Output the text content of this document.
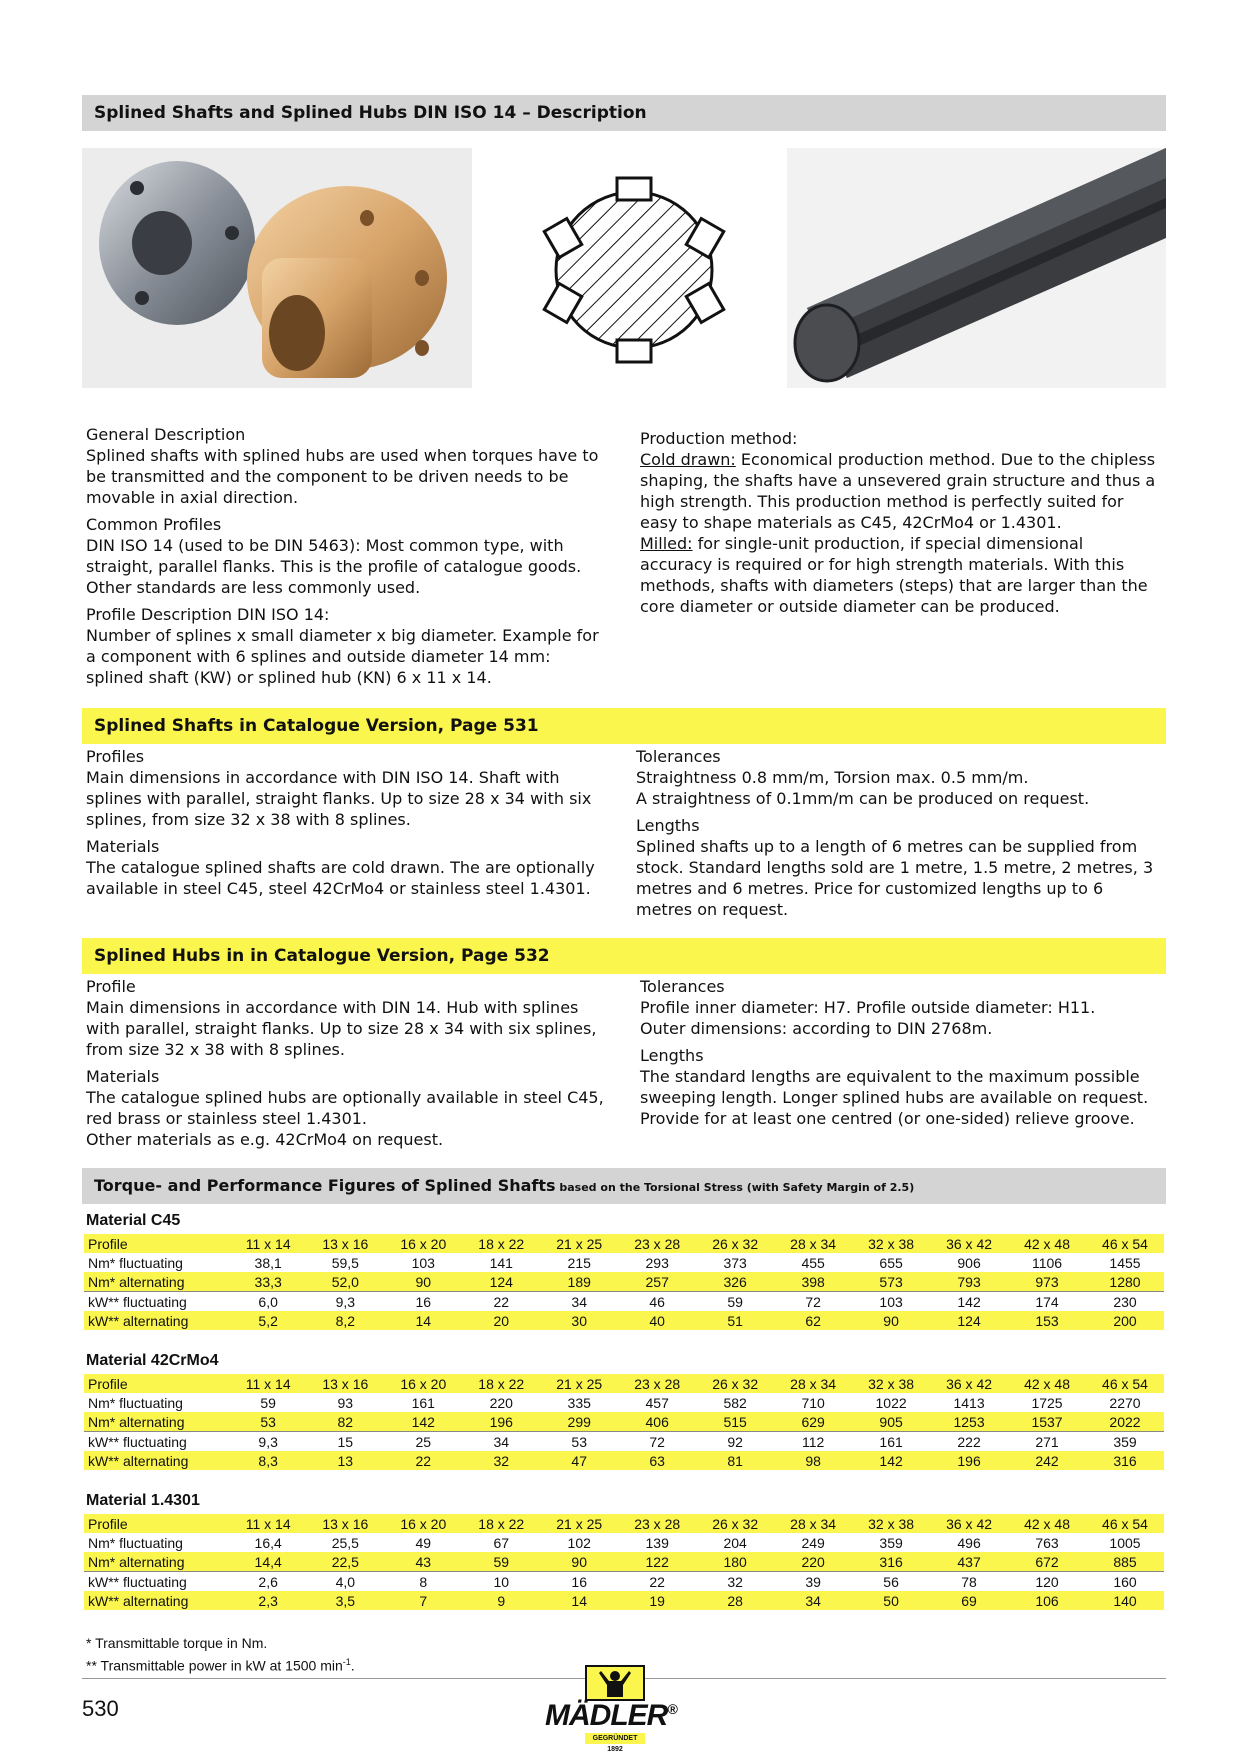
Splined Shafts and Splined Hubs DIN ISO 14 – Description
General Description

Splined shafts with splined hubs are used when torques have to be transmitted and the component to be driven needs to be movable in axial direction.

Common Profiles

DIN ISO 14 (used to be DIN 5463): Most common type, with straight, parallel flanks. This is the profile of catalogue goods. Other standards are less commonly used.

Profile Description DIN ISO 14:

Number of splines x small diameter x big diameter. Example for a component with 6 splines and outside diameter 14 mm: splined shaft (KW) or splined hub (KN) 6 x 11 x 14.

Production method:

Cold drawn: Economical production method. Due to the chipless shaping, the shafts have a unsevered grain structure and thus a high strength. This production method is perfectly suited for easy to shape materials as C45, 42CrMo4 or 1.4301.

Milled: for single-unit production, if special dimensional accuracy is required or for high strength materials. With this methods, shafts with diameters (steps) that are larger than the core diameter or outside diameter can be produced.

Splined Shafts in Catalogue Version, Page 531
Profiles

Main dimensions in accordance with DIN ISO 14. Shaft with splines with parallel, straight flanks. Up to size 28 x 34 with six splines, from size 32 x 38 with 8 splines.

Materials

The catalogue splined shafts are cold drawn. The are optionally available in steel C45, steel 42CrMo4 or stainless steel 1.4301.

Tolerances

Straightness 0.8 mm/m, Torsion max. 0.5 mm/m.

A straightness of 0.1mm/m can be produced on request.

Lengths

Splined shafts up to a length of 6 metres can be supplied from stock. Standard lengths sold are 1 metre, 1.5 metre, 2 metres, 3 metres and 6 metres. Price for customized lengths up to 6 metres on request.

Splined Hubs in in Catalogue Version, Page 532
Profile

Main dimensions in accordance with DIN 14. Hub with splines with parallel, straight flanks. Up to size 28 x 34 with six splines, from size 32 x 38 with 8 splines.

Materials

The catalogue splined hubs are optionally available in steel C45, red brass or stainless steel 1.4301.

Other materials as e.g. 42CrMo4 on request.

Tolerances

Profile inner diameter: H7. Profile outside diameter: H11.

Outer dimensions: according to DIN 2768m.

Lengths

The standard lengths are equivalent to the maximum possible sweeping length. Longer splined hubs are available on request. Provide for at least one centred (or one-sided) relieve groove.

Torque- and Performance Figures of Splined Shafts based on the Torsional Stress (with Safety Margin of 2.5)
Material C45
Profile	11 x 14	13 x 16	16 x 20	18 x 22	21 x 25	23 x 28	26 x 32	28 x 34	32 x 38	36 x 42	42 x 48	46 x 54
Nm* fluctuating	38,1	59,5	103	141	215	293	373	455	655	906	1106	1455
Nm* alternating	33,3	52,0	90	124	189	257	326	398	573	793	973	1280
kW** fluctuating	6,0	9,3	16	22	34	46	59	72	103	142	174	230
kW** alternating	5,2	8,2	14	20	30	40	51	62	90	124	153	200
Material 42CrMo4
Profile	11 x 14	13 x 16	16 x 20	18 x 22	21 x 25	23 x 28	26 x 32	28 x 34	32 x 38	36 x 42	42 x 48	46 x 54
Nm* fluctuating	59	93	161	220	335	457	582	710	1022	1413	1725	2270
Nm* alternating	53	82	142	196	299	406	515	629	905	1253	1537	2022
kW** fluctuating	9,3	15	25	34	53	72	92	112	161	222	271	359
kW** alternating	8,3	13	22	32	47	63	81	98	142	196	242	316
Material 1.4301
Profile	11 x 14	13 x 16	16 x 20	18 x 22	21 x 25	23 x 28	26 x 32	28 x 34	32 x 38	36 x 42	42 x 48	46 x 54
Nm* fluctuating	16,4	25,5	49	67	102	139	204	249	359	496	763	1005
Nm* alternating	14,4	22,5	43	59	90	122	180	220	316	437	672	885
kW** fluctuating	2,6	4,0	8	10	16	22	32	39	56	78	120	160
kW** alternating	2,3	3,5	7	9	14	19	28	34	50	69	106	140
* Transmittable torque in Nm.
** Transmittable power in kW at 1500 $\min^{-1}$.
530	MÄDLER®
GEGRÜNDET 1892
